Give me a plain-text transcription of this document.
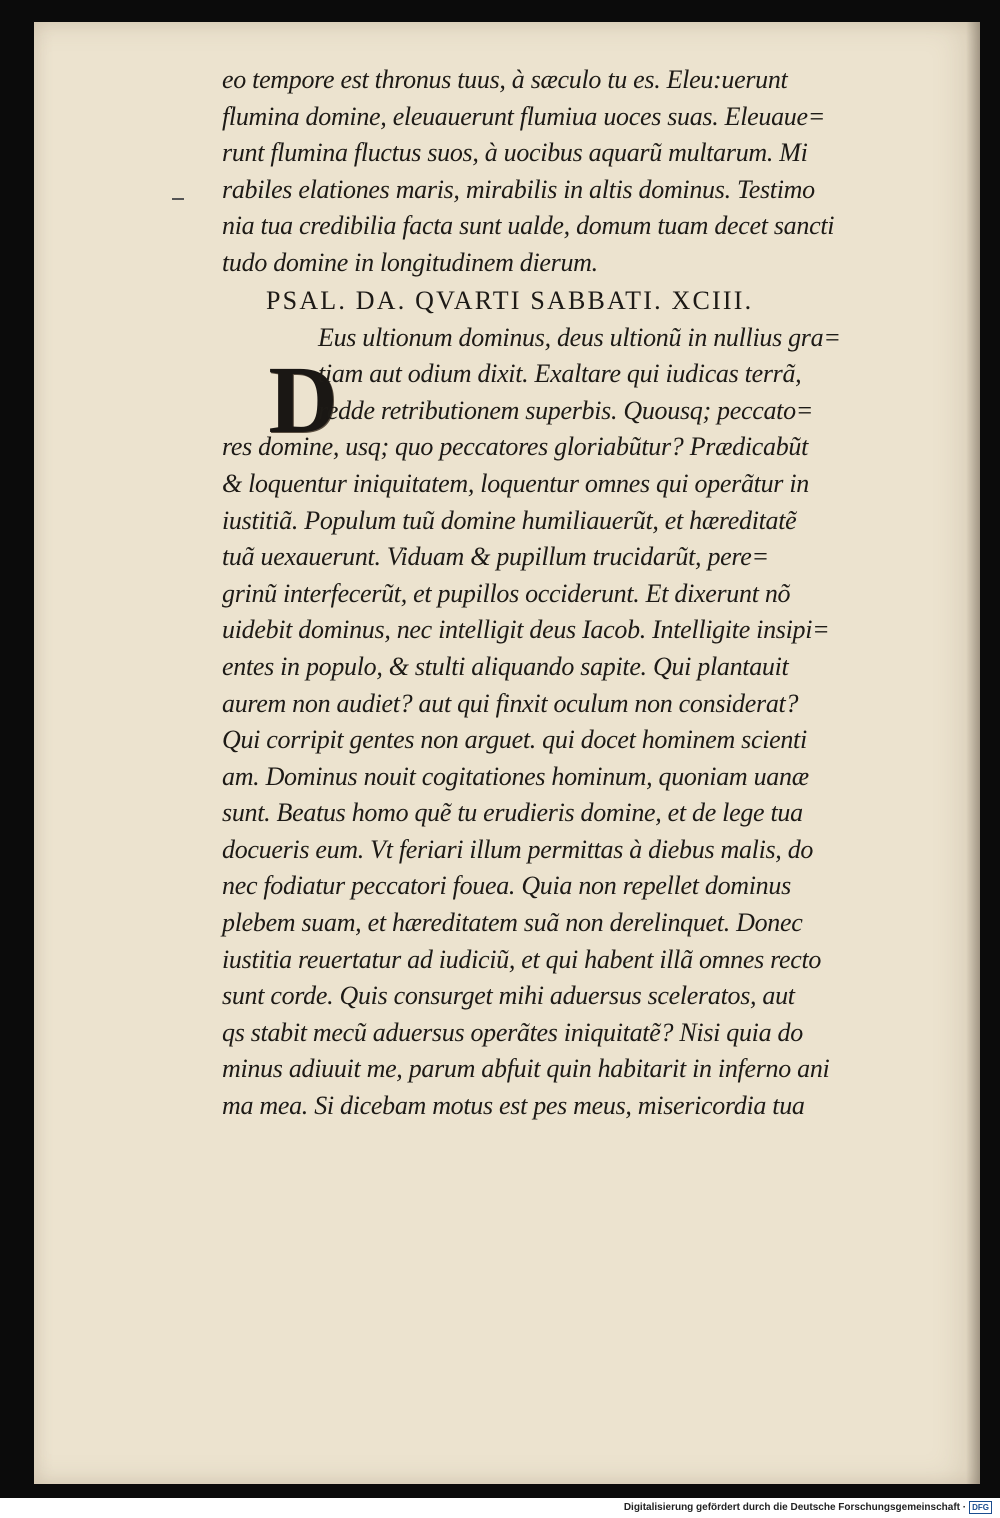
D
eo tempore est thronus tuus, à sæculo tu es. Eleu:uerunt
flumina domine, eleuauerunt flumiua uoces suas. Eleuaue=
runt flumina fluctus suos, à uocibus aquarũ multarum. Mi
rabiles elationes maris, mirabilis in altis dominus. Testimo
nia tua credibilia facta sunt ualde, domum tuam decet sancti
tudo domine in longitudinem dierum.
PSAL. DA. QVARTI SABBATI. XCIII.
Eus ultionum dominus, deus ultionũ in nullius gra=
tiam aut odium dixit. Exaltare qui iudicas terrã,
redde retributionem superbis. Quousq; peccato=
res domine, usq; quo peccatores gloriabũtur? Prædicabũt
& loquentur iniquitatem, loquentur omnes qui operãtur in
iustitiã. Populum tuũ domine humiliauerũt, et hæreditatẽ
tuã uexauerunt. Viduam & pupillum trucidarũt, pere=
grinũ interfecerũt, et pupillos occiderunt. Et dixerunt nõ
uidebit dominus, nec intelligit deus Iacob. Intelligite insipi=
entes in populo, & stulti aliquando sapite. Qui plantauit
aurem non audiet? aut qui finxit oculum non considerat?
Qui corripit gentes non arguet. qui docet hominem scienti
am. Dominus nouit cogitationes hominum, quoniam uanæ
sunt. Beatus homo quẽ tu erudieris domine, et de lege tua
docueris eum. Vt feriari illum permittas à diebus malis, do
nec fodiatur peccatori fouea. Quia non repellet dominus
plebem suam, et hæreditatem suã non derelinquet. Donec
iustitia reuertatur ad iudiciũ, et qui habent illã omnes recto
sunt corde. Quis consurget mihi aduersus sceleratos, aut
qs stabit mecũ aduersus operãtes iniquitatẽ? Nisi quia do
minus adiuuit me, parum abfuit quin habitarit in inferno ani
ma mea. Si dicebam motus est pes meus, misericordia tua
Digitalisierung gefördert durch die Deutsche Forschungsgemeinschaft · DFG
